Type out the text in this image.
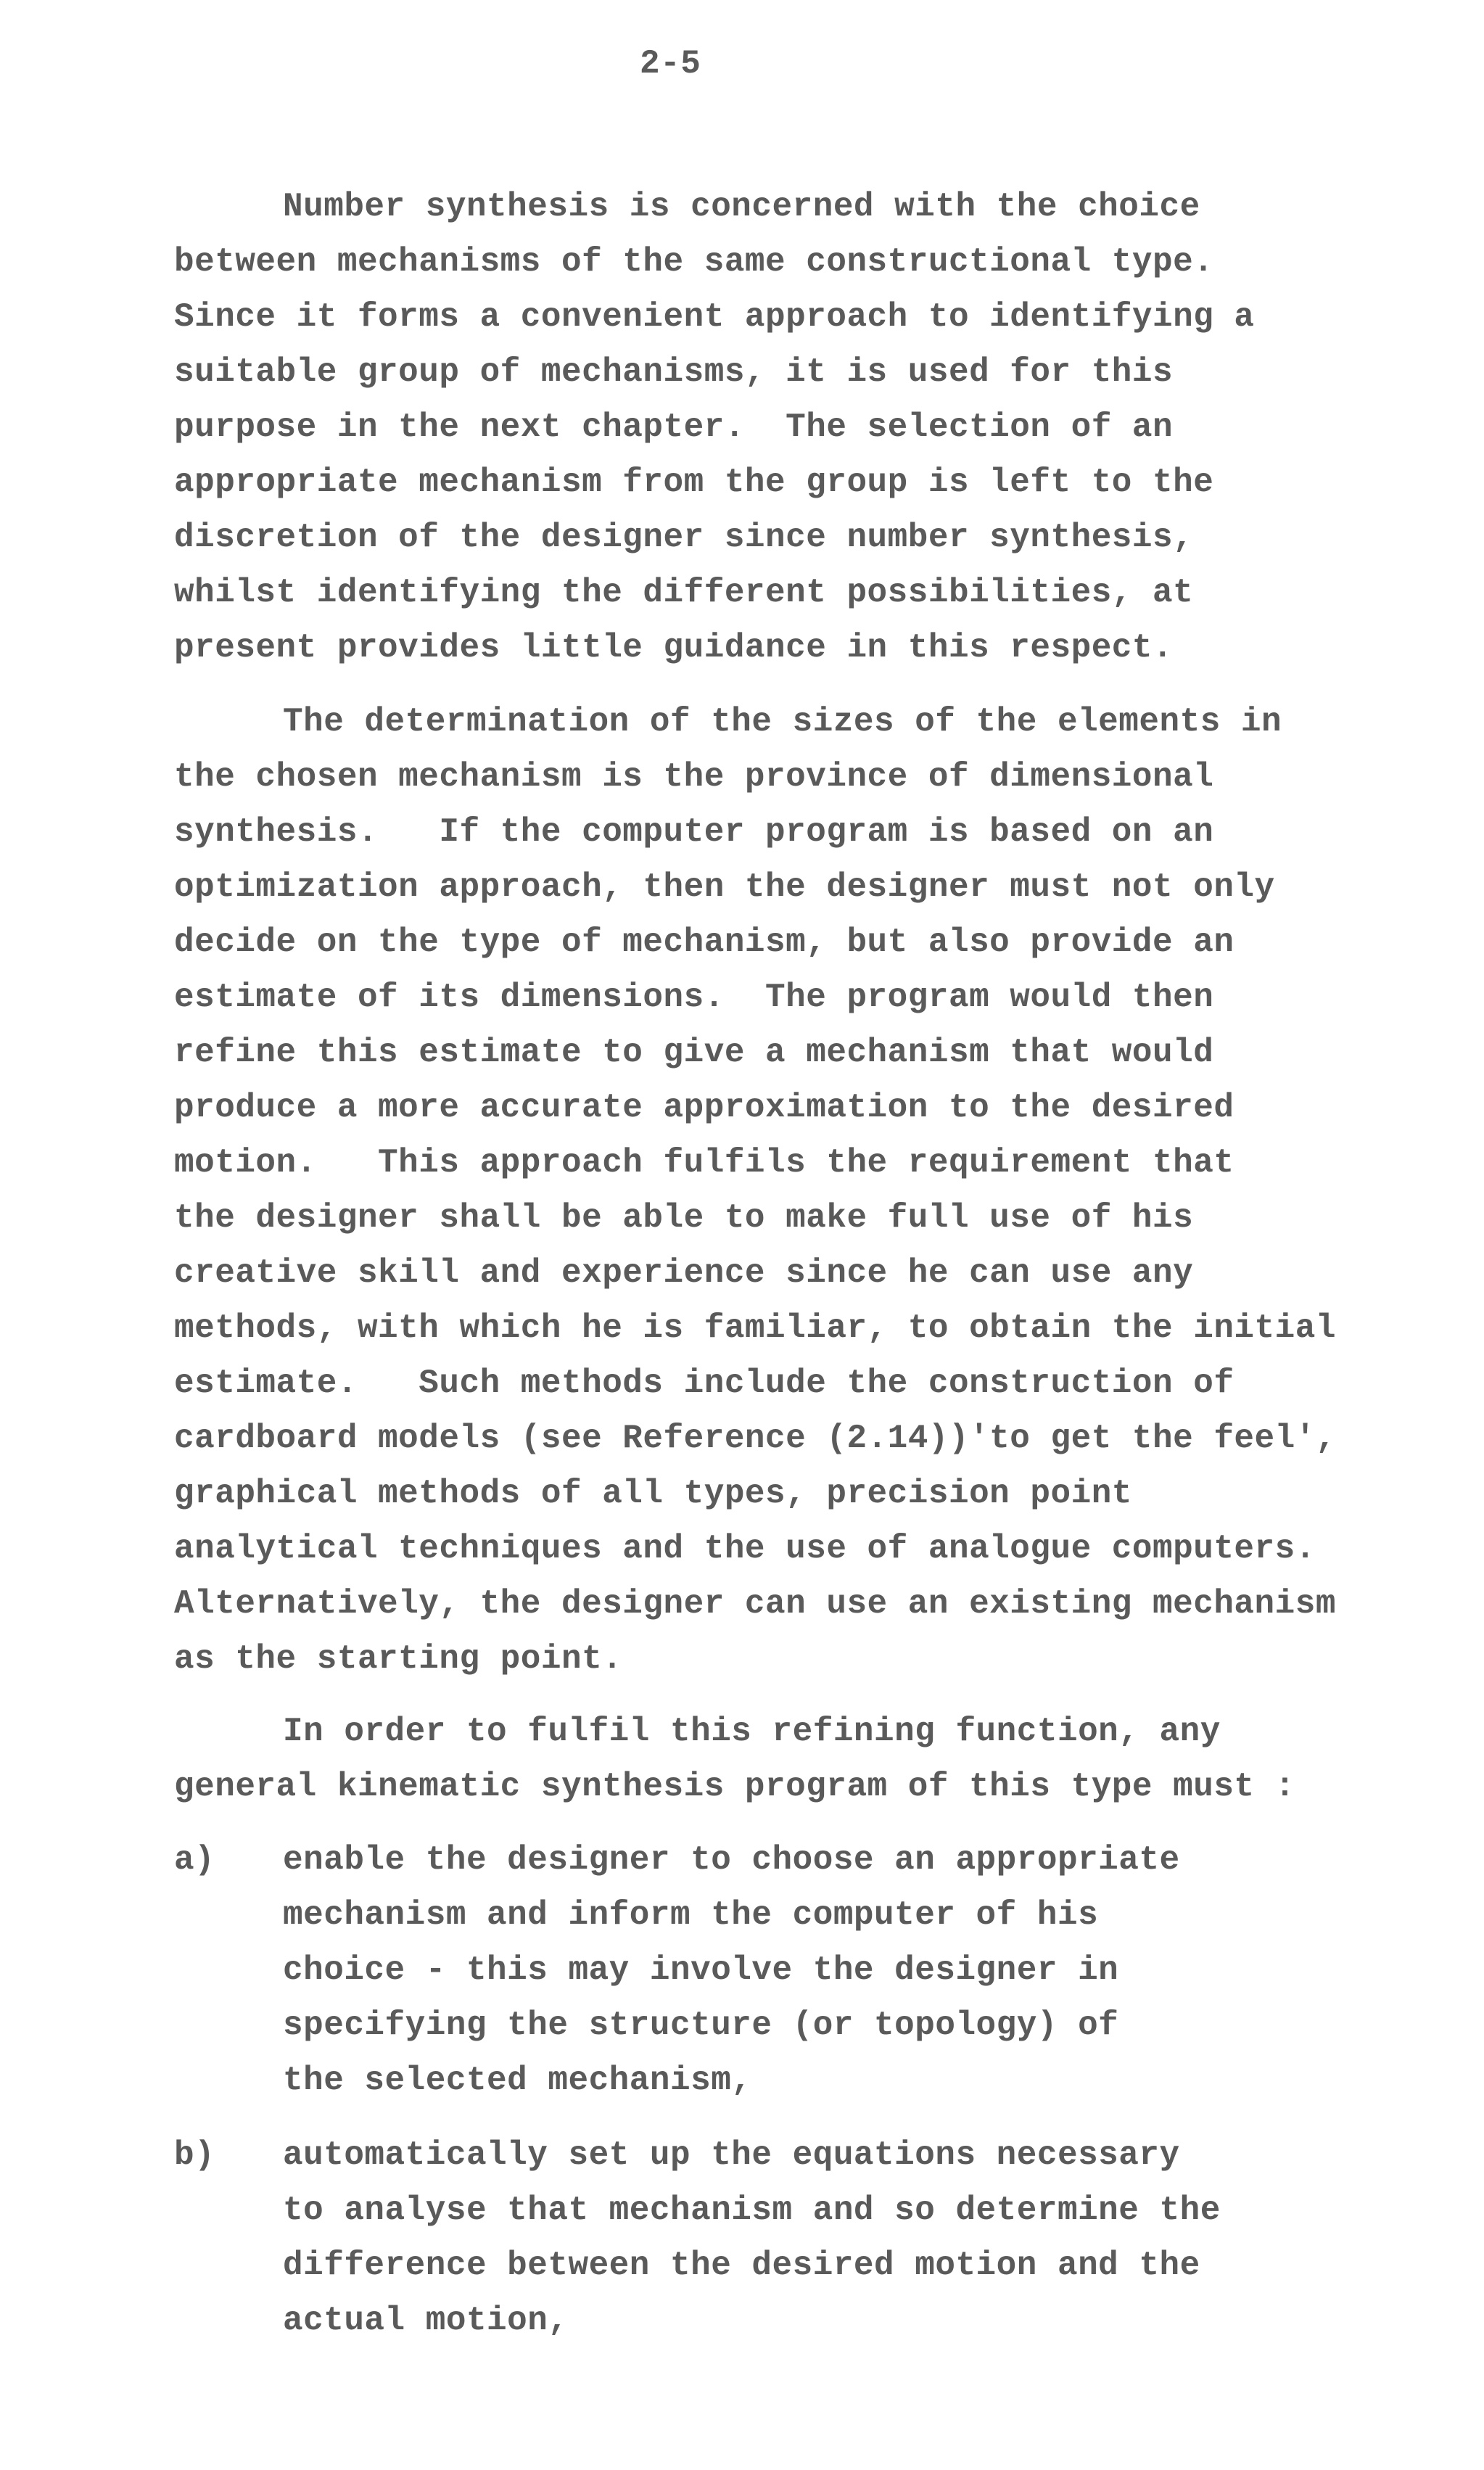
2-5
Number synthesis is concerned with the choice
between mechanisms of the same constructional type.
Since it forms a convenient approach to identifying a
suitable group of mechanisms, it is used for this
purpose in the next chapter.  The selection of an
appropriate mechanism from the group is left to the
discretion of the designer since number synthesis,
whilst identifying the different possibilities, at
present provides little guidance in this respect.
The determination of the sizes of the elements in
the chosen mechanism is the province of dimensional
synthesis.   If the computer program is based on an
optimization approach, then the designer must not only
decide on the type of mechanism, but also provide an
estimate of its dimensions.  The program would then
refine this estimate to give a mechanism that would
produce a more accurate approximation to the desired
motion.   This approach fulfils the requirement that
the designer shall be able to make full use of his
creative skill and experience since he can use any
methods, with which he is familiar, to obtain the initial
estimate.   Such methods include the construction of
cardboard models (see Reference (2.14))'to get the feel',
graphical methods of all types, precision point
analytical techniques and the use of analogue computers.
Alternatively, the designer can use an existing mechanism
as the starting point.
In order to fulfil this refining function, any
general kinematic synthesis program of this type must :
a) enable the designer to choose an appropriate
mechanism and inform the computer of his
choice - this may involve the designer in
specifying the structure (or topology) of
the selected mechanism,
b) automatically set up the equations necessary
to analyse that mechanism and so determine the
difference between the desired motion and the
actual motion,
